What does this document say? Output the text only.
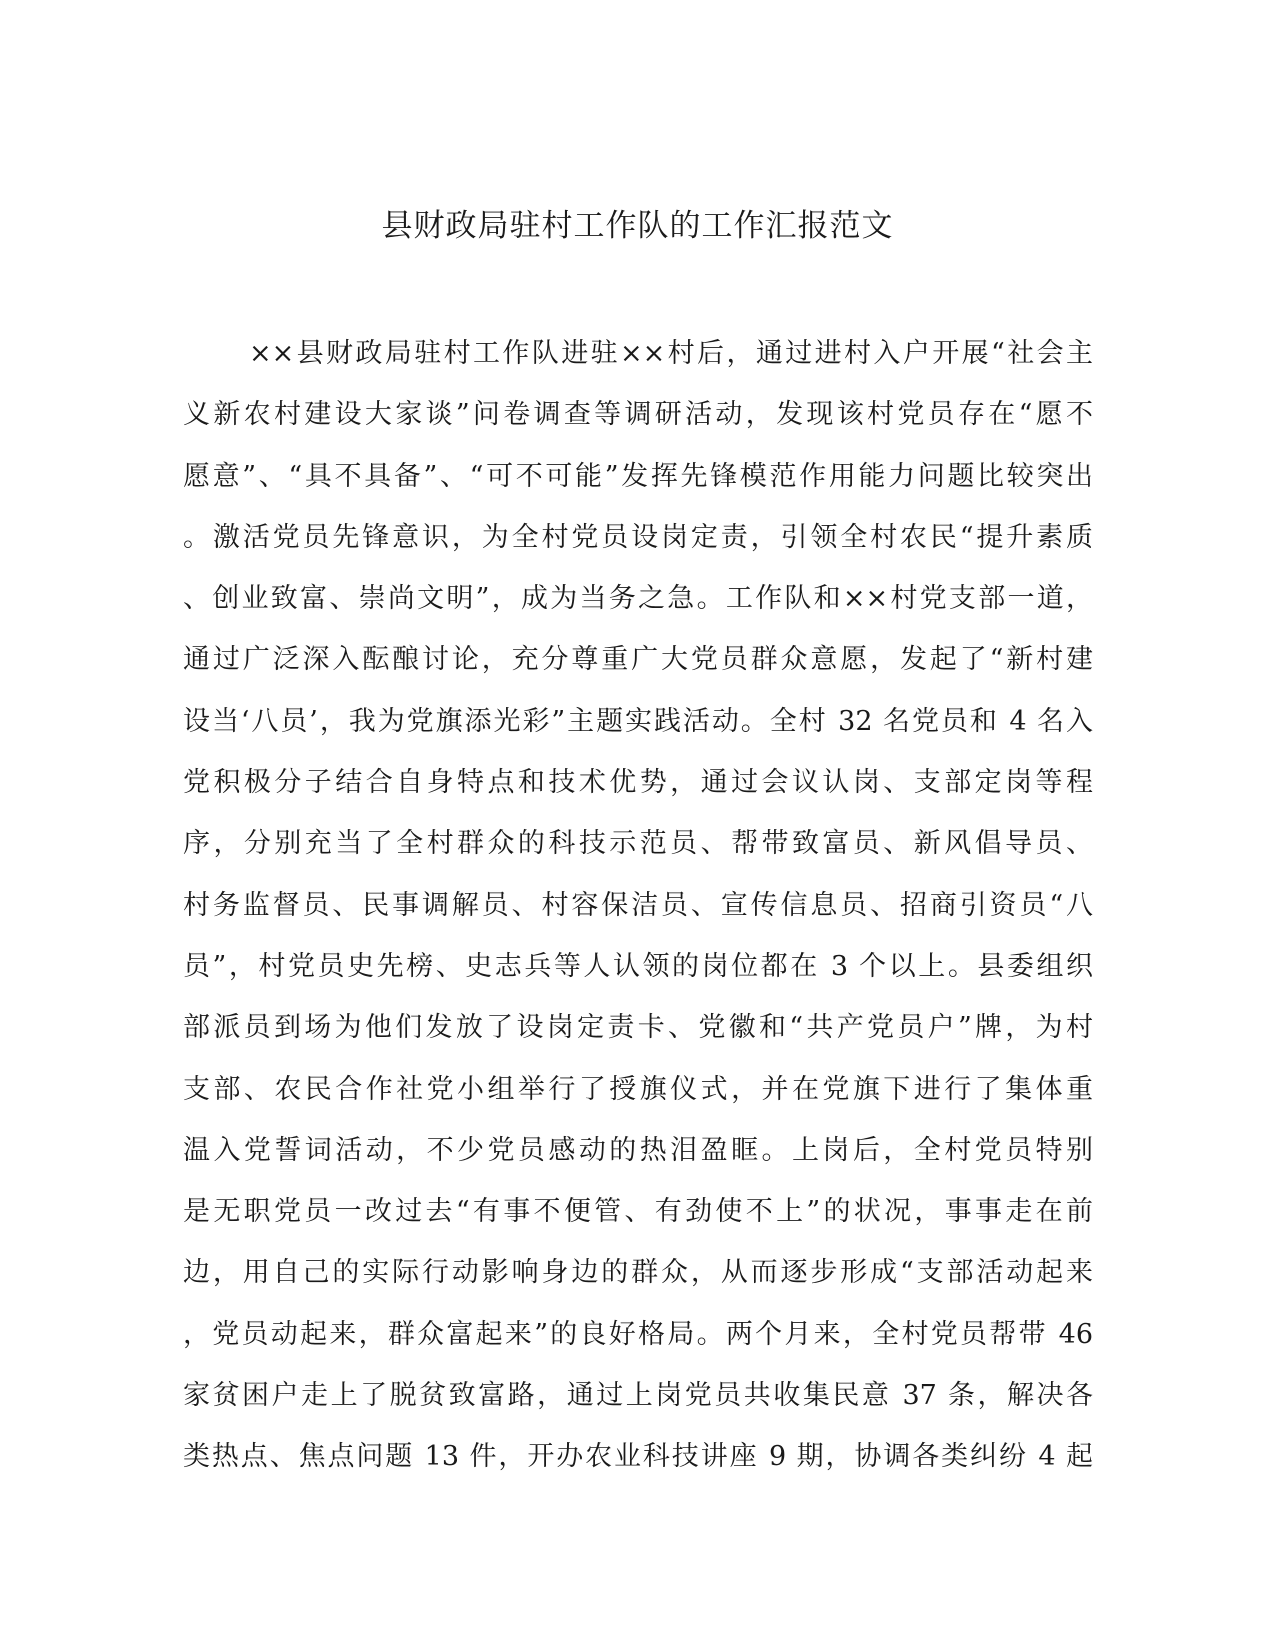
县财政局驻村工作队的工作汇报范文
××县财政局驻村工作队进驻××村后，通过进村入户开展“社会主
义新农村建设大家谈”问卷调查等调研活动，发现该村党员存在“愿不
愿意”、“具不具备”、“可不可能”发挥先锋模范作用能力问题比较突出
。激活党员先锋意识，为全村党员设岗定责，引领全村农民“提升素质
、创业致富、崇尚文明”，成为当务之急。工作队和××村党支部一道，
通过广泛深入酝酿讨论，充分尊重广大党员群众意愿，发起了“新村建
设当‘八员’，我为党旗添光彩”主题实践活动。全村 32 名党员和 4 名入
党积极分子结合自身特点和技术优势，通过会议认岗、支部定岗等程
序，分别充当了全村群众的科技示范员、帮带致富员、新风倡导员、
村务监督员、民事调解员、村容保洁员、宣传信息员、招商引资员“八
员”，村党员史先榜、史志兵等人认领的岗位都在 3 个以上。县委组织
部派员到场为他们发放了设岗定责卡、党徽和“共产党员户”牌，为村
支部、农民合作社党小组举行了授旗仪式，并在党旗下进行了集体重
温入党誓词活动，不少党员感动的热泪盈眶。上岗后，全村党员特别
是无职党员一改过去“有事不便管、有劲使不上”的状况，事事走在前
边，用自己的实际行动影响身边的群众，从而逐步形成“支部活动起来
，党员动起来，群众富起来”的良好格局。两个月来，全村党员帮带 46
家贫困户走上了脱贫致富路，通过上岗党员共收集民意 37 条，解决各
类热点、焦点问题 13 件，开办农业科技讲座 9 期，协调各类纠纷 4 起
